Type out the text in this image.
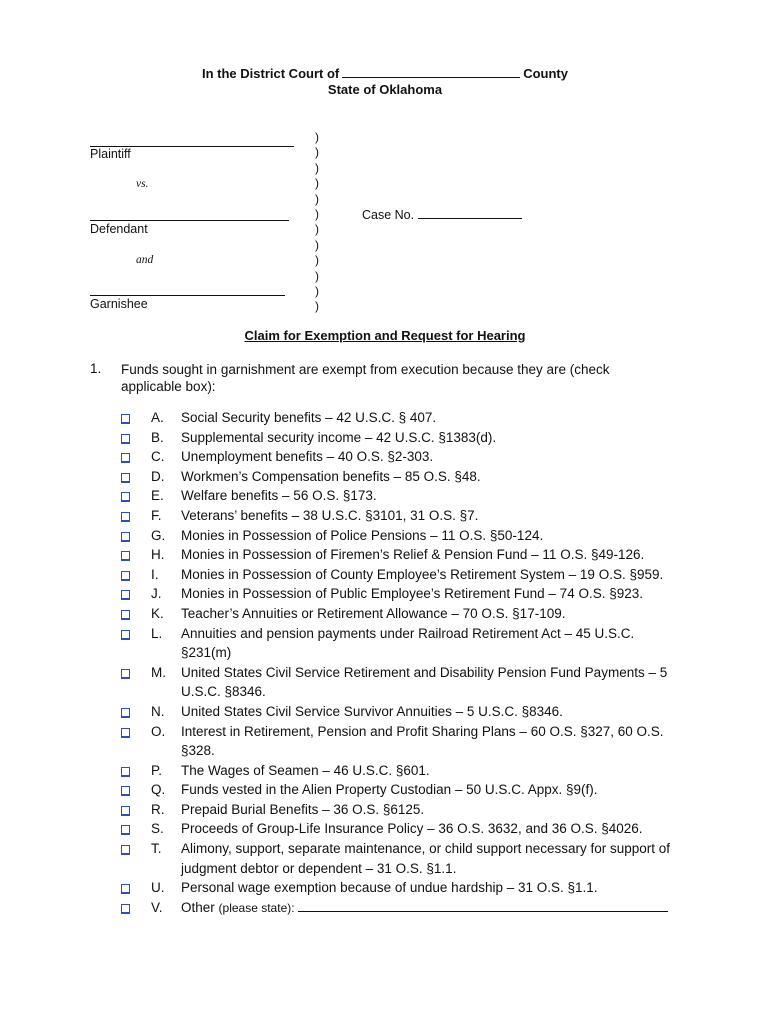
In the District Court of	County
State of Oklahoma
Plaintiff
vs.
Defendant
and
Garnishee
)
)
)
)
)
)
)
)
)
)
)
)
Case No.
Claim for Exemption and Request for Hearing
1. Funds sought in garnishment are exempt from execution because they are (check applicable box):
A. Social Security benefits – 42 U.S.C. § 407.
B. Supplemental security income – 42 U.S.C. §1383(d).
C. Unemployment benefits – 40 O.S. §2-303.
D. Workmen’s Compensation benefits – 85 O.S. §48.
E. Welfare benefits – 56 O.S. §173.
F. Veterans’ benefits – 38 U.S.C. §3101, 31 O.S. §7.
G. Monies in Possession of Police Pensions – 11 O.S. §50-124.
H. Monies in Possession of Firemen’s Relief & Pension Fund – 11 O.S. §49-126.
I. Monies in Possession of County Employee’s Retirement System – 19 O.S. §959.
J. Monies in Possession of Public Employee’s Retirement Fund – 74 O.S. §923.
K. Teacher’s Annuities or Retirement Allowance – 70 O.S. §17-109.
L. Annuities and pension payments under Railroad Retirement Act – 45 U.S.C. §231(m)
M. United States Civil Service Retirement and Disability Pension Fund Payments – 5 U.S.C. §8346.
N. United States Civil Service Survivor Annuities – 5 U.S.C. §8346.
O. Interest in Retirement, Pension and Profit Sharing Plans – 60 O.S. §327, 60 O.S. §328.
P. The Wages of Seamen – 46 U.S.C. §601.
Q. Funds vested in the Alien Property Custodian – 50 U.S.C. Appx. §9(f).
R. Prepaid Burial Benefits – 36 O.S. §6125.
S. Proceeds of Group-Life Insurance Policy – 36 O.S. 3632, and 36 O.S. §4026.
T. Alimony, support, separate maintenance, or child support necessary for support of judgment debtor or dependent – 31 O.S. §1.1.
U. Personal wage exemption because of undue hardship – 31 O.S. §1.1.
V. Other (please state):
